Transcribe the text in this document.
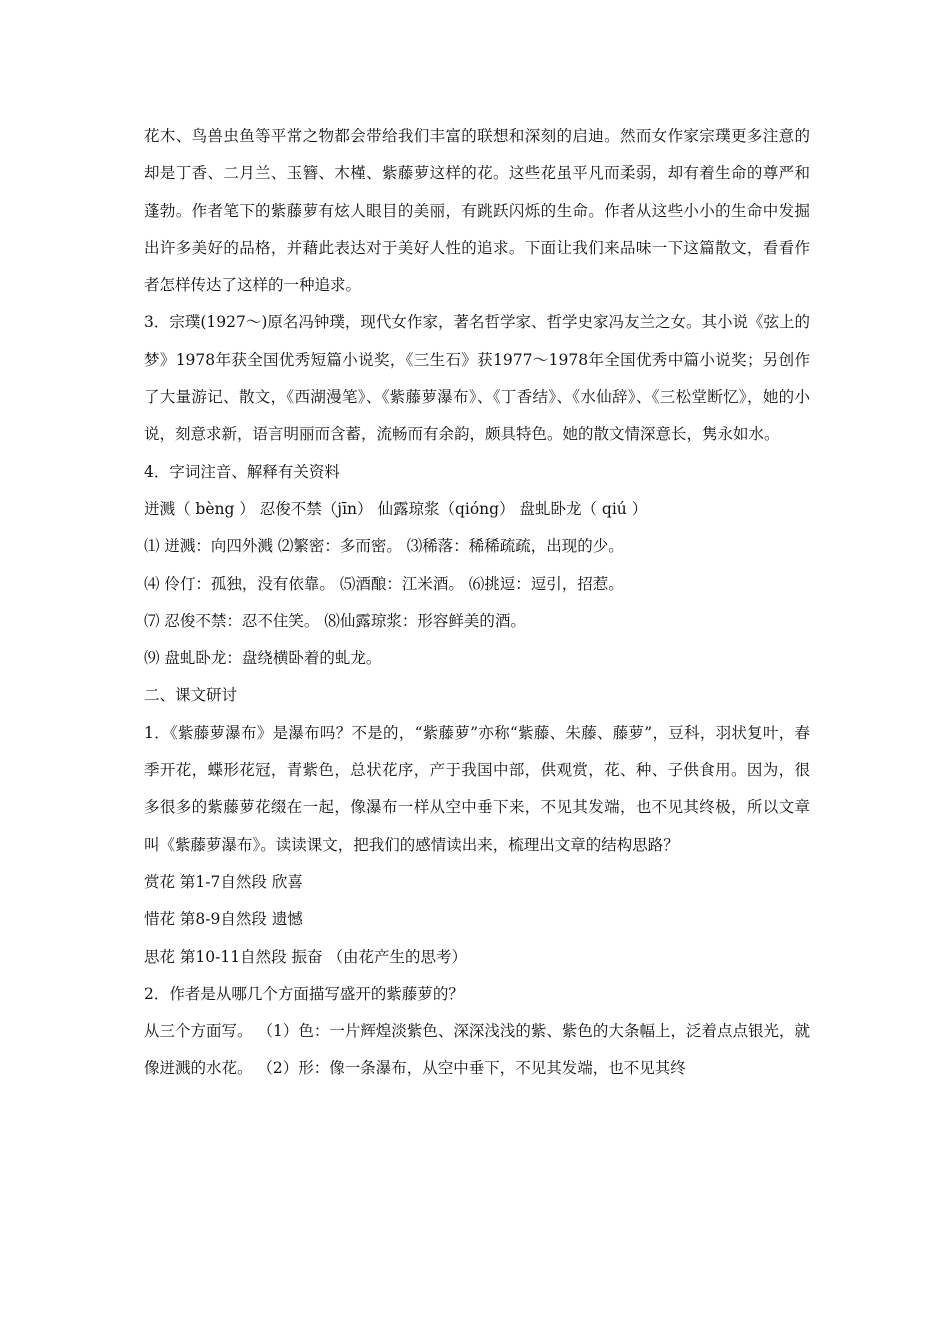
花木、鸟兽虫鱼等平常之物都会带给我们丰富的联想和深刻的启迪。然而女作家宗璞更多注意的却是丁香、二月兰、玉簪、木槿、紫藤萝这样的花。这些花虽平凡而柔弱，却有着生命的尊严和蓬勃。作者笔下的紫藤萝有炫人眼目的美丽，有跳跃闪烁的生命。作者从这些小小的生命中发掘出许多美好的品格，并藉此表达对于美好人性的追求。下面让我们来品味一下这篇散文，看看作者怎样传达了这样的一种追求。

3．宗璞(1927～)原名冯钟璞，现代女作家，著名哲学家、哲学史家冯友兰之女。其小说《弦上的梦》1978年获全国优秀短篇小说奖，《三生石》获1977～1978年全国优秀中篇小说奖；另创作了大量游记、散文，《西湖漫笔》、《紫藤萝瀑布》、《丁香结》、《水仙辞》、《三松堂断忆》，她的小说，刻意求新，语言明丽而含蓄，流畅而有余韵，颇具特色。她的散文情深意长，隽永如水。

4．字词注音、解释有关资料

迸溅（ bèng ） 忍俊不禁（jīn） 仙露琼浆（qióng） 盘虬卧龙（ qiú ）

⑴ 迸溅：向四外溅 ⑵繁密：多而密。 ⑶稀落：稀稀疏疏，出现的少。

⑷ 伶仃：孤独，没有依靠。 ⑸酒酿：江米酒。 ⑹挑逗：逗引，招惹。

⑺ 忍俊不禁：忍不住笑。 ⑻仙露琼浆：形容鲜美的酒。

⑼ 盘虬卧龙：盘绕横卧着的虬龙。

二、课文研讨

1．《紫藤萝瀑布》是瀑布吗？不是的，“紫藤萝”亦称“紫藤、朱藤、藤萝”，豆科，羽状复叶，春季开花，蝶形花冠，青紫色，总状花序，产于我国中部，供观赏，花、种、子供食用。因为，很多很多的紫藤萝花缀在一起，像瀑布一样从空中垂下来，不见其发端，也不见其终极，所以文章叫《紫藤萝瀑布》。读读课文，把我们的感情读出来，梳理出文章的结构思路？

赏花 第1-7自然段 欣喜

惜花 第8-9自然段 遗憾

思花 第10-11自然段 振奋 （由花产生的思考）

2．作者是从哪几个方面描写盛开的紫藤萝的？

从三个方面写。 （1）色：一片辉煌淡紫色、深深浅浅的紫、紫色的大条幅上，泛着点点银光，就像迸溅的水花。 （2）形：像一条瀑布，从空中垂下，不见其发端，也不见其终
